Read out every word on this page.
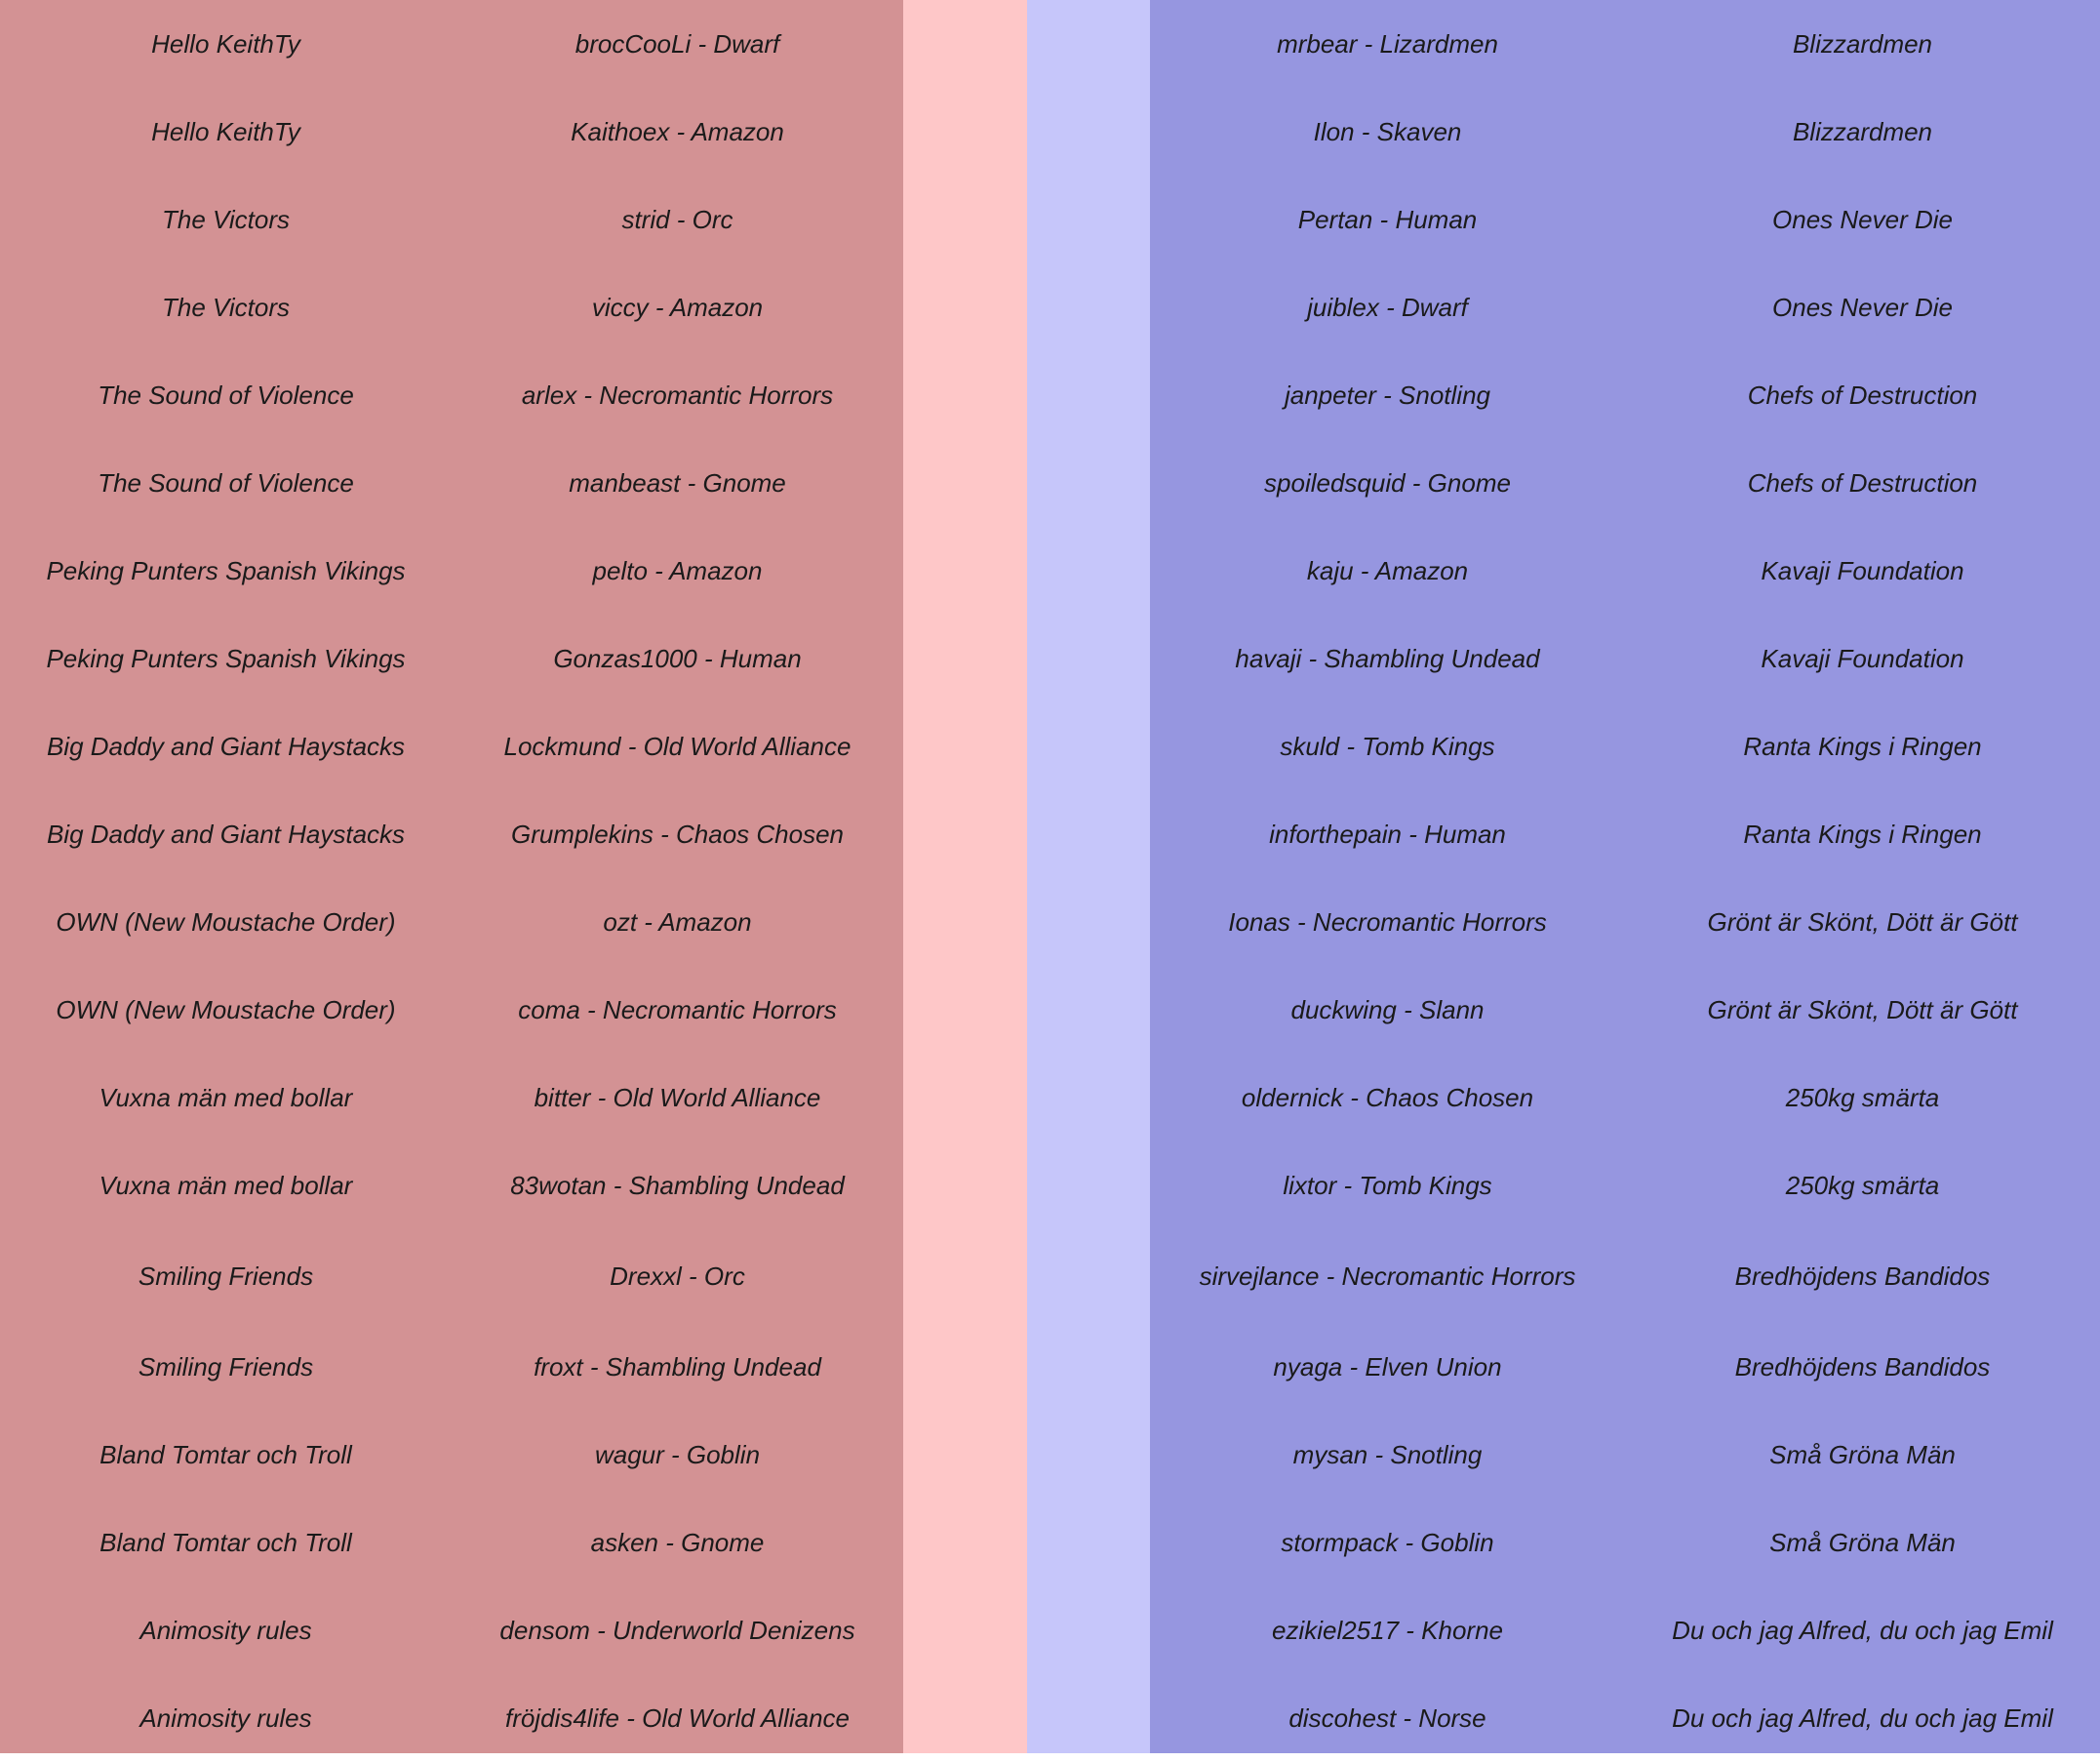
Hello KeithTy	brocCooLi - Dwarf			mrbear - Lizardmen	Blizzardmen
Hello KeithTy	Kaithoex - Amazon			Ilon - Skaven	Blizzardmen
The Victors	strid - Orc			Pertan - Human	Ones Never Die
The Victors	viccy - Amazon			juiblex - Dwarf	Ones Never Die
The Sound of Violence	arlex - Necromantic Horrors			janpeter - Snotling	Chefs of Destruction
The Sound of Violence	manbeast - Gnome			spoiledsquid - Gnome	Chefs of Destruction
Peking Punters Spanish Vikings	pelto - Amazon			kaju - Amazon	Kavaji Foundation
Peking Punters Spanish Vikings	Gonzas1000 - Human			havaji - Shambling Undead	Kavaji Foundation
Big Daddy and Giant Haystacks	Lockmund - Old World Alliance			skuld - Tomb Kings	Ranta Kings i Ringen
Big Daddy and Giant Haystacks	Grumplekins - Chaos Chosen			inforthepain - Human	Ranta Kings i Ringen
OWN (New Moustache Order)	ozt - Amazon			Ionas - Necromantic Horrors	Grönt är Skönt, Dött är Gött
OWN (New Moustache Order)	coma - Necromantic Horrors			duckwing - Slann	Grönt är Skönt, Dött är Gött
Vuxna män med bollar	bitter - Old World Alliance			oldernick - Chaos Chosen	250kg smärta
Vuxna män med bollar	83wotan - Shambling Undead			lixtor - Tomb Kings	250kg smärta
Smiling Friends	Drexxl - Orc			sirvejlance - Necromantic Horrors	Bredhöjdens Bandidos
Smiling Friends	froxt - Shambling Undead			nyaga - Elven Union	Bredhöjdens Bandidos
Bland Tomtar och Troll	wagur - Goblin			mysan - Snotling	Små Gröna Män
Bland Tomtar och Troll	asken - Gnome			stormpack - Goblin	Små Gröna Män
Animosity rules	densom - Underworld Denizens			ezikiel2517 - Khorne	Du och jag Alfred, du och jag Emil
Animosity rules	fröjdis4life - Old World Alliance			discohest - Norse	Du och jag Alfred, du och jag Emil
